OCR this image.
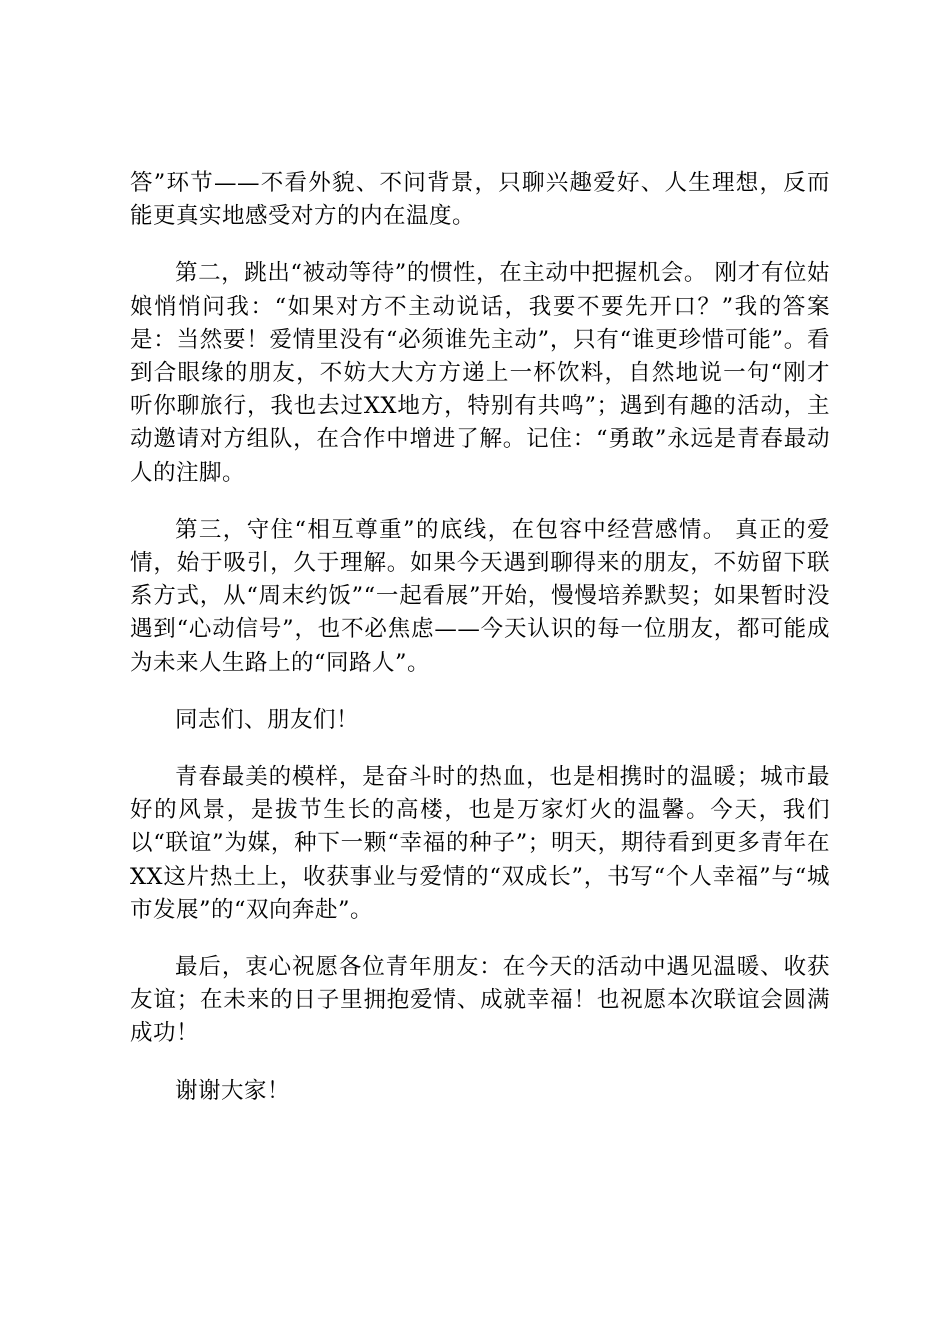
答”环节——不看外貌、不问背景，只聊兴趣爱好、人生理想，反而能更真实地感受对方的内在温度。

第二，跳出“被动等待”的惯性，在主动中把握机会。 刚才有位姑娘悄悄问我：“如果对方不主动说话，我要不要先开口？”我的答案是：当然要！爱情里没有“必须谁先主动”，只有“谁更珍惜可能”。看到合眼缘的朋友，不妨大大方方递上一杯饮料，自然地说一句“刚才听你聊旅行，我也去过XX地方，特别有共鸣”；遇到有趣的活动，主动邀请对方组队，在合作中增进了解。记住：“勇敢”永远是青春最动人的注脚。

第三，守住“相互尊重”的底线，在包容中经营感情。 真正的爱情，始于吸引，久于理解。如果今天遇到聊得来的朋友，不妨留下联系方式，从“周末约饭”“一起看展”开始，慢慢培养默契；如果暂时没遇到“心动信号”，也不必焦虑——今天认识的每一位朋友，都可能成为未来人生路上的“同路人”。

同志们、朋友们！

青春最美的模样，是奋斗时的热血，也是相携时的温暖；城市最好的风景，是拔节生长的高楼，也是万家灯火的温馨。今天，我们以“联谊”为媒，种下一颗“幸福的种子”；明天，期待看到更多青年在XX这片热土上，收获事业与爱情的“双成长”，书写“个人幸福”与“城市发展”的“双向奔赴”。

最后，衷心祝愿各位青年朋友：在今天的活动中遇见温暖、收获友谊；在未来的日子里拥抱爱情、成就幸福！也祝愿本次联谊会圆满成功！

谢谢大家！
